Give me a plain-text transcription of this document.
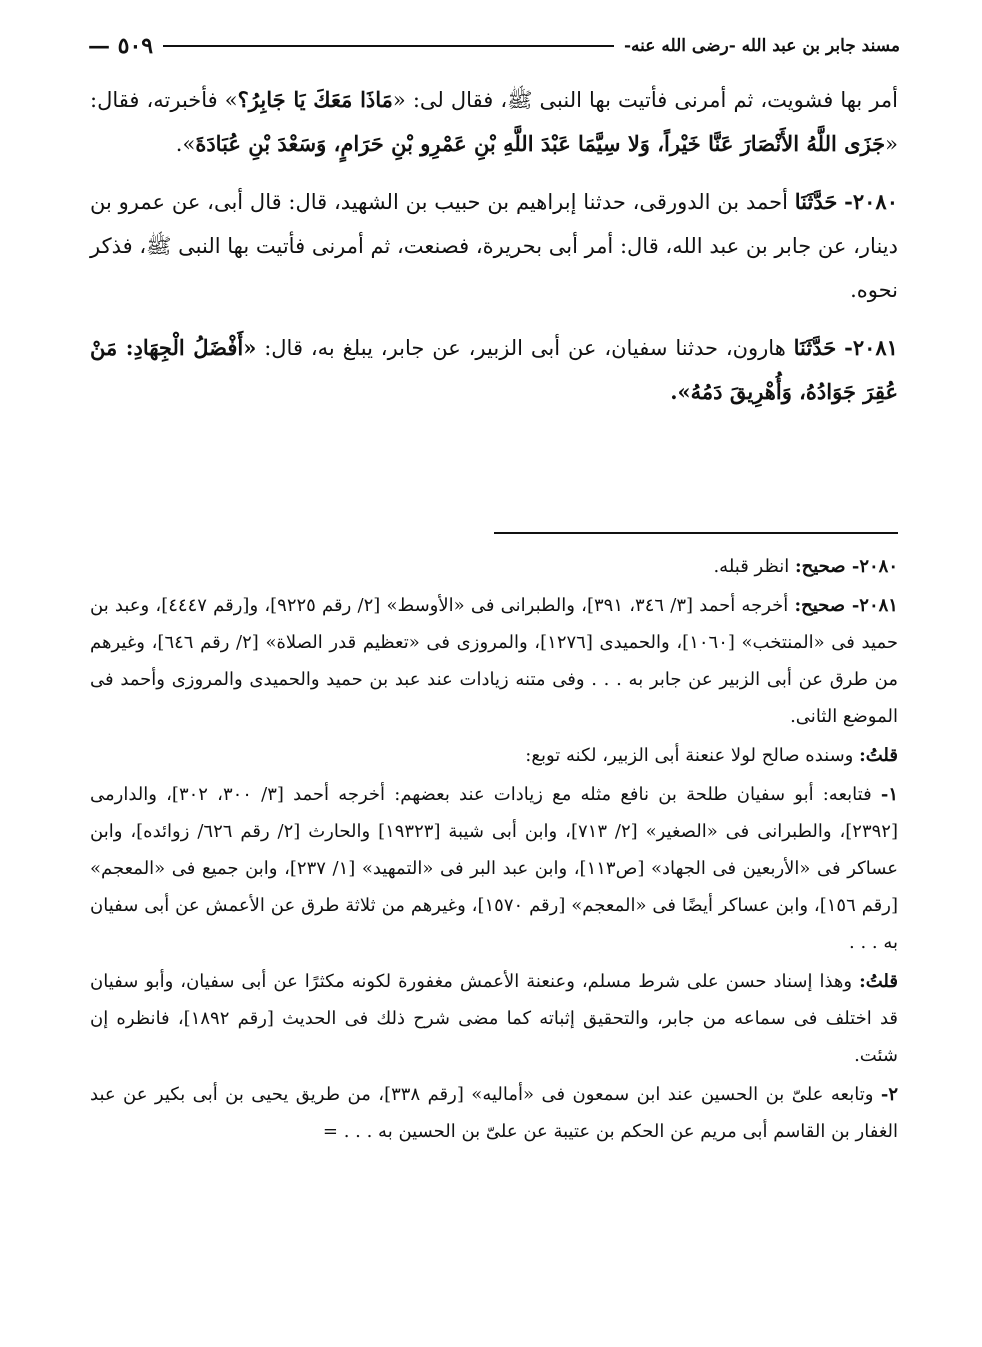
مسند جابر بن عبد الله -رضى الله عنه-
٥٠٩ —

أمر بها فشويت، ثم أمرنى فأتيت بها النبى ﷺ، فقال لى: «مَاذَا مَعَكَ يَا جَابِرُ؟» فأخبرته، فقال: «جَزَى اللَّهُ الأَنْصَارَ عَنَّا خَيْراً، وَلا سِيَّمَا عَبْدَ اللَّهِ بْنِ عَمْرِو بْنِ حَرَامٍ، وَسَعْدَ بْنِ عُبَادَةَ».

٢٠٨٠- حَدَّثَنَا أحمد بن الدورقى، حدثنا إبراهيم بن حبيب بن الشهيد، قال: قال أبى، عن عمرو بن دينار، عن جابر بن عبد الله، قال: أمر أبى بحريرة، فصنعت، ثم أمرنى فأتيت بها النبى ﷺ، فذكر نحوه.

٢٠٨١- حَدَّثَنَا هارون، حدثنا سفيان، عن أبى الزبير، عن جابر، يبلغ به، قال: «أَفْضَلُ الْجِهَادِ: مَنْ عُقِرَ جَوَادُهُ، وَأُهْرِيقَ دَمُهُ».

٢٠٨٠- صحيح: انظر قبله.

٢٠٨١- صحيح: أخرجه أحمد [٣/ ٣٤٦، ٣٩١]، والطبرانى فى «الأوسط» [٢/ رقم ٩٢٢٥]، و[رقم ٤٤٤٧]، وعبد بن حميد فى «المنتخب» [١٠٦٠]، والحميدى [١٢٧٦]، والمروزى فى «تعظيم قدر الصلاة» [٢/ رقم ٦٤٦]، وغيرهم من طرق عن أبى الزبير عن جابر به . . . وفى متنه زيادات عند عبد بن حميد والحميدى والمروزى وأحمد فى الموضع الثانى.

قلتُ: وسنده صالح لولا عنعنة أبى الزبير، لكنه توبع:

١- فتابعه: أبو سفيان طلحة بن نافع مثله مع زيادات عند بعضهم: أخرجه أحمد [٣/ ٣٠٠، ٣٠٢]، والدارمى [٢٣٩٢]، والطبرانى فى «الصغير» [٢/ ٧١٣]، وابن أبى شيبة [١٩٣٢٣] والحارث [٢/ رقم ٦٢٦/ زوائده]، وابن عساكر فى «الأربعين فى الجهاد» [ص١١٣]، وابن عبد البر فى «التمهيد» [١/ ٢٣٧]، وابن جميع فى «المعجم» [رقم ١٥٦]، وابن عساكر أيضًا فى «المعجم» [رقم ١٥٧٠]، وغيرهم من ثلاثة طرق عن الأعمش عن أبى سفيان به . . .

قلتُ: وهذا إسناد حسن على شرط مسلم، وعنعنة الأعمش مغفورة لكونه مكثرًا عن أبى سفيان، وأبو سفيان قد اختلف فى سماعه من جابر، والتحقيق إثباته كما مضى شرح ذلك فى الحديث [رقم ١٨٩٢]، فانظره إن شئت.

٢- وتابعه علىّ بن الحسين عند ابن سمعون فى «أماليه» [رقم ٣٣٨]، من طريق يحيى بن أبى بكير عن عبد الغفار بن القاسم أبى مريم عن الحكم بن عتيبة عن علىّ بن الحسين به . . . =
